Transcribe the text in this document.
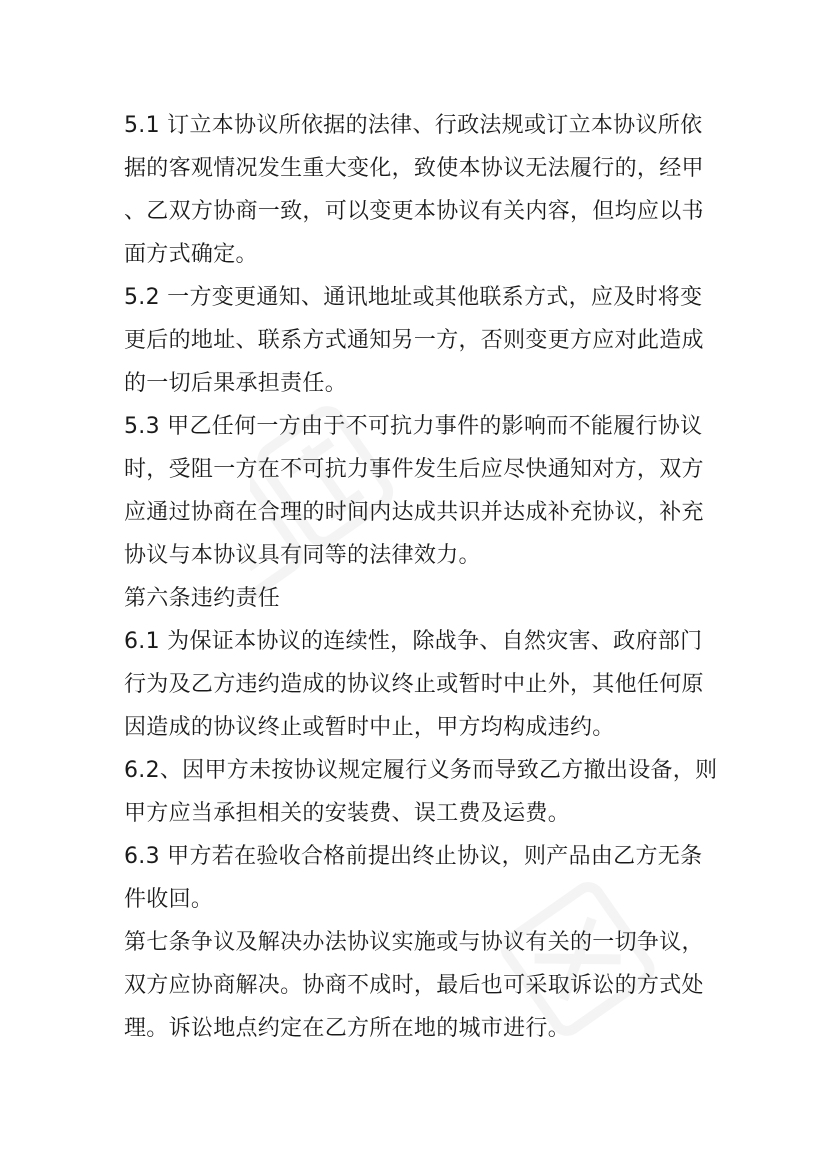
5.1 订立本协议所依据的法律、行政法规或订立本协议所依
据的客观情况发生重大变化，致使本协议无法履行的，经甲
、乙双方协商一致，可以变更本协议有关内容，但均应以书
面方式确定。
5.2 一方变更通知、通讯地址或其他联系方式，应及时将变
更后的地址、联系方式通知另一方，否则变更方应对此造成
的一切后果承担责任。
5.3 甲乙任何一方由于不可抗力事件的影响而不能履行协议
时，受阻一方在不可抗力事件发生后应尽快通知对方，双方
应通过协商在合理的时间内达成共识并达成补充协议，补充
协议与本协议具有同等的法律效力。
第六条违约责任
6.1 为保证本协议的连续性，除战争、自然灾害、政府部门
行为及乙方违约造成的协议终止或暂时中止外，其他任何原
因造成的协议终止或暂时中止，甲方均构成违约。
6.2、因甲方未按协议规定履行义务而导致乙方撤出设备，则
甲方应当承担相关的安装费、误工费及运费。
6.3 甲方若在验收合格前提出终止协议，则产品由乙方无条
件收回。
第七条争议及解决办法协议实施或与协议有关的一切争议，
双方应协商解决。协商不成时，最后也可采取诉讼的方式处
理。诉讼地点约定在乙方所在地的城市进行。
